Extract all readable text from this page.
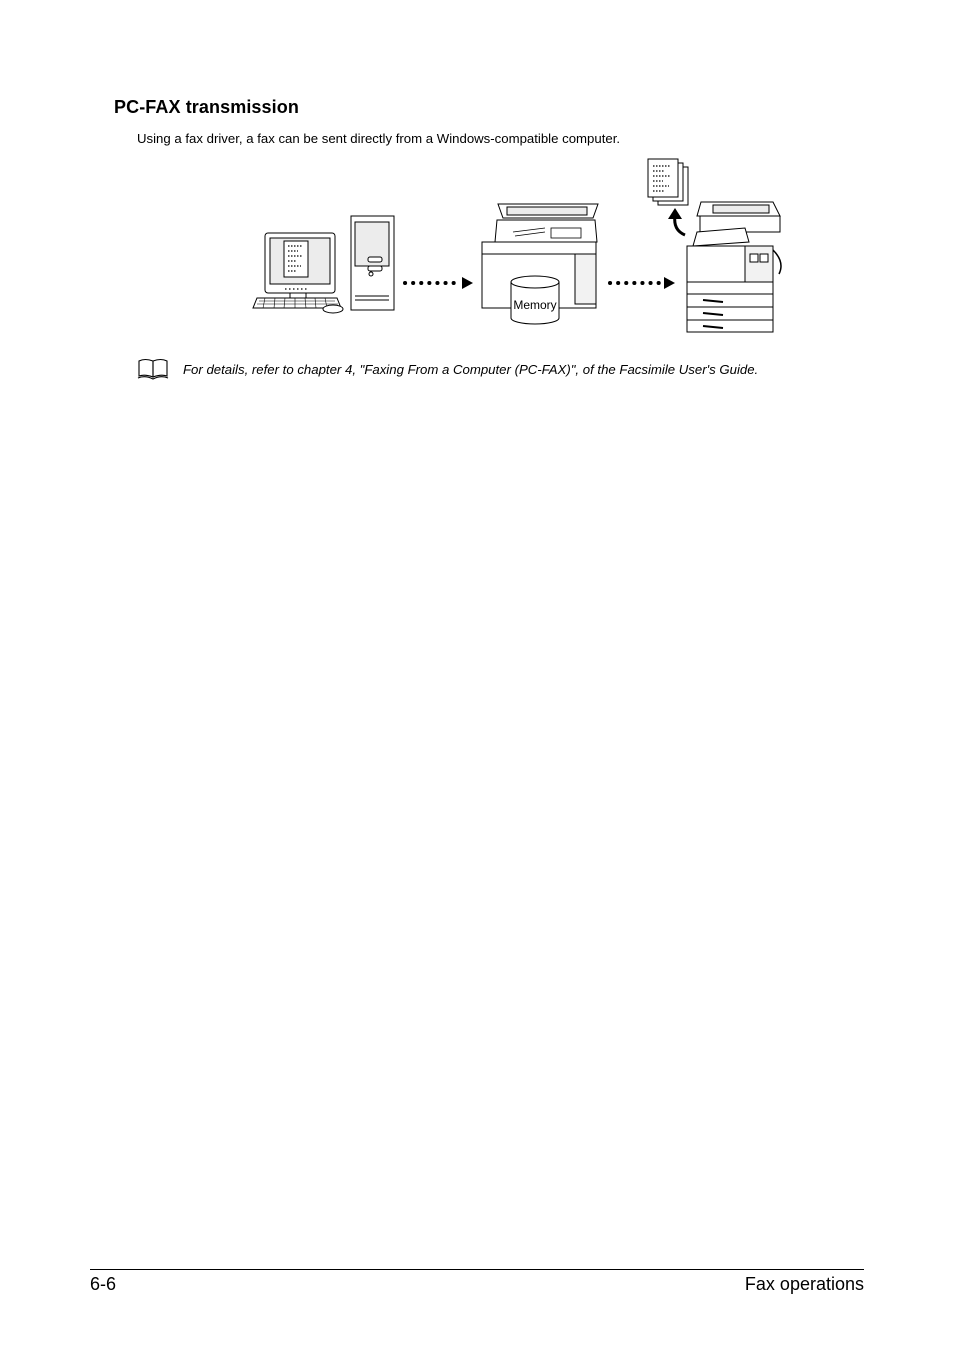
PC-FAX transmission
Using a fax driver, a fax can be sent directly from a Windows-compatible computer.
Memory
For details, refer to chapter 4, "Faxing From a Computer (PC-FAX)", of the Facsimile User's Guide.
6-6	Fax operations
